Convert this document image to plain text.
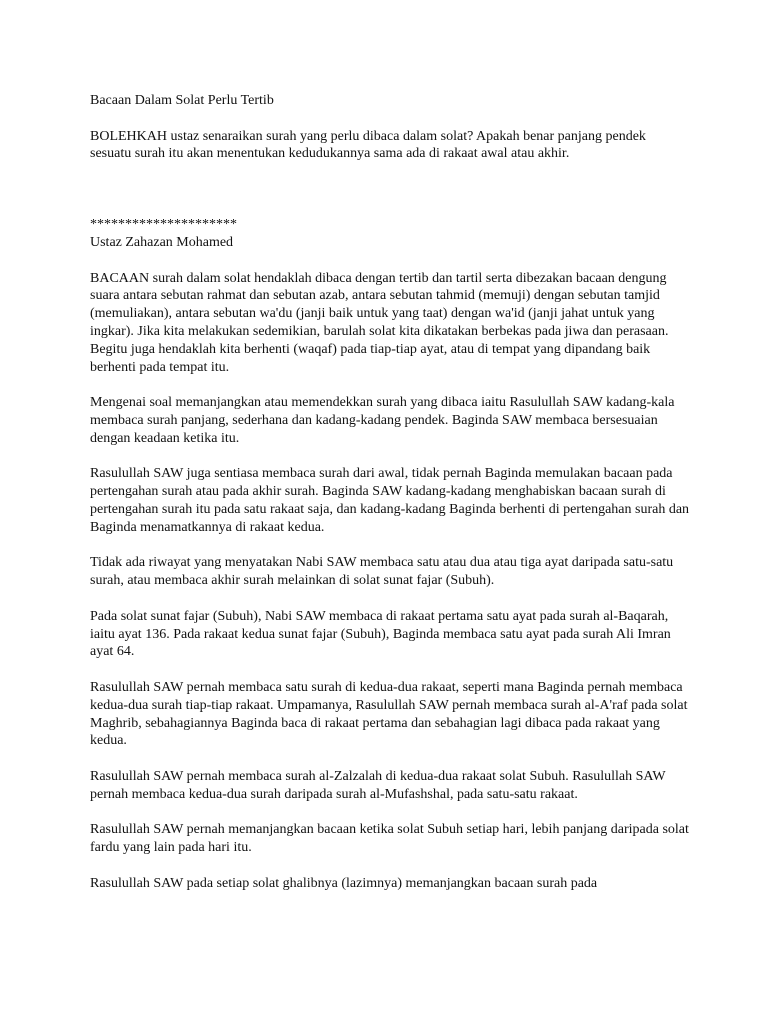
Bacaan Dalam Solat Perlu Tertib

BOLEHKAH ustaz senaraikan surah yang perlu dibaca dalam solat? Apakah benar panjang pendek sesuatu surah itu akan menentukan kedudukannya sama ada di rakaat awal atau akhir.

*********************

Ustaz Zahazan Mohamed

BACAAN surah dalam solat hendaklah dibaca dengan tertib dan tartil serta dibezakan bacaan dengung suara antara sebutan rahmat dan sebutan azab, antara sebutan tahmid (memuji) dengan sebutan tamjid (memuliakan), antara sebutan wa'du (janji baik untuk yang taat) dengan wa'id (janji jahat untuk yang ingkar). Jika kita melakukan sedemikian, barulah solat kita dikatakan berbekas pada jiwa dan perasaan.

Begitu juga hendaklah kita berhenti (waqaf) pada tiap-tiap ayat, atau di tempat yang dipandang baik berhenti pada tempat itu.

Mengenai soal memanjangkan atau memendekkan surah yang dibaca iaitu Rasulullah SAW kadang-kala membaca surah panjang, sederhana dan kadang-kadang pendek. Baginda SAW membaca bersesuaian dengan keadaan ketika itu.

Rasulullah SAW juga sentiasa membaca surah dari awal, tidak pernah Baginda memulakan bacaan pada pertengahan surah atau pada akhir surah. Baginda SAW kadang-kadang menghabiskan bacaan surah di pertengahan surah itu pada satu rakaat saja, dan kadang-kadang Baginda berhenti di pertengahan surah dan Baginda menamatkannya di rakaat kedua.

Tidak ada riwayat yang menyatakan Nabi SAW membaca satu atau dua atau tiga ayat daripada satu-satu surah, atau membaca akhir surah melainkan di solat sunat fajar (Subuh).

Pada solat sunat fajar (Subuh), Nabi SAW membaca di rakaat pertama satu ayat pada surah al-Baqarah, iaitu ayat 136. Pada rakaat kedua sunat fajar (Subuh), Baginda membaca satu ayat pada surah Ali Imran ayat 64.

Rasulullah SAW pernah membaca satu surah di kedua-dua rakaat, seperti mana Baginda pernah membaca kedua-dua surah tiap-tiap rakaat. Umpamanya, Rasulullah SAW pernah membaca surah al-A'raf pada solat Maghrib, sebahagiannya Baginda baca di rakaat pertama dan sebahagian lagi dibaca pada rakaat yang kedua.

Rasulullah SAW pernah membaca surah al-Zalzalah di kedua-dua rakaat solat Subuh. Rasulullah SAW pernah membaca kedua-dua surah daripada surah al-Mufashshal, pada satu-satu rakaat.

Rasulullah SAW pernah memanjangkan bacaan ketika solat Subuh setiap hari, lebih panjang daripada solat fardu yang lain pada hari itu.

Rasulullah SAW pada setiap solat ghalibnya (lazimnya) memanjangkan bacaan surah pada
